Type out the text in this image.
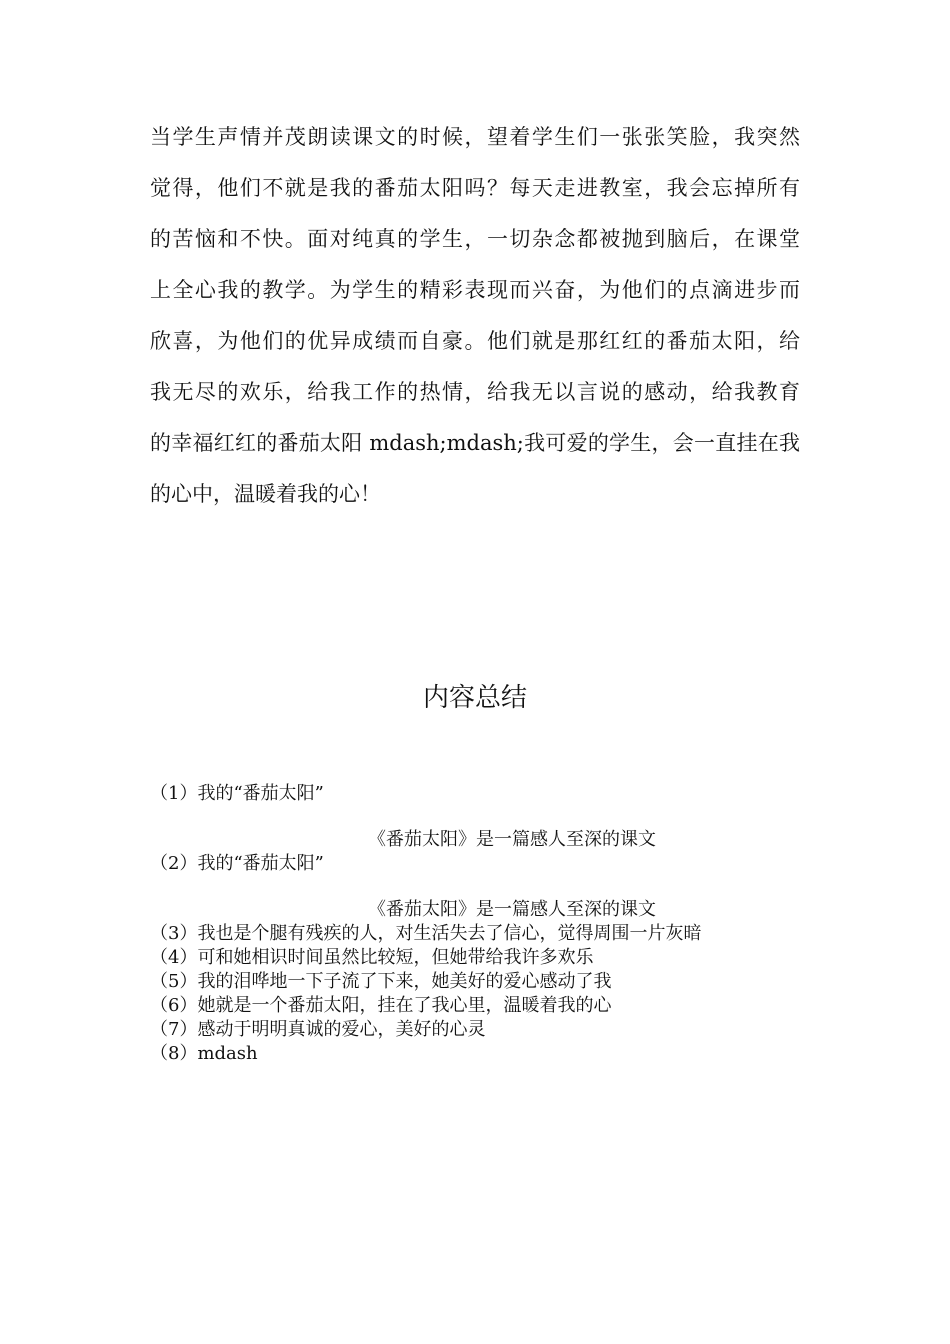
当学生声情并茂朗读课文的时候，望着学生们一张张笑脸，我突然
觉得，他们不就是我的番茄太阳吗？每天走进教室，我会忘掉所有
的苦恼和不快。面对纯真的学生，一切杂念都被抛到脑后，在课堂
上全心我的教学。为学生的精彩表现而兴奋，为他们的点滴进步而
欣喜，为他们的优异成绩而自豪。他们就是那红红的番茄太阳，给
我无尽的欢乐，给我工作的热情，给我无以言说的感动，给我教育
的幸福红红的番茄太阳 mdash;mdash;我可爱的学生，会一直挂在我
的心中，温暖着我的心！
内容总结
（1）我的“番茄太阳”
《番茄太阳》是一篇感人至深的课文
（2）我的“番茄太阳”
《番茄太阳》是一篇感人至深的课文
（3）我也是个腿有残疾的人，对生活失去了信心，觉得周围一片灰暗
（4）可和她相识时间虽然比较短，但她带给我许多欢乐
（5）我的泪哗地一下子流了下来，她美好的爱心感动了我
（6）她就是一个番茄太阳，挂在了我心里，温暖着我的心
（7）感动于明明真诚的爱心，美好的心灵
（8）mdash
